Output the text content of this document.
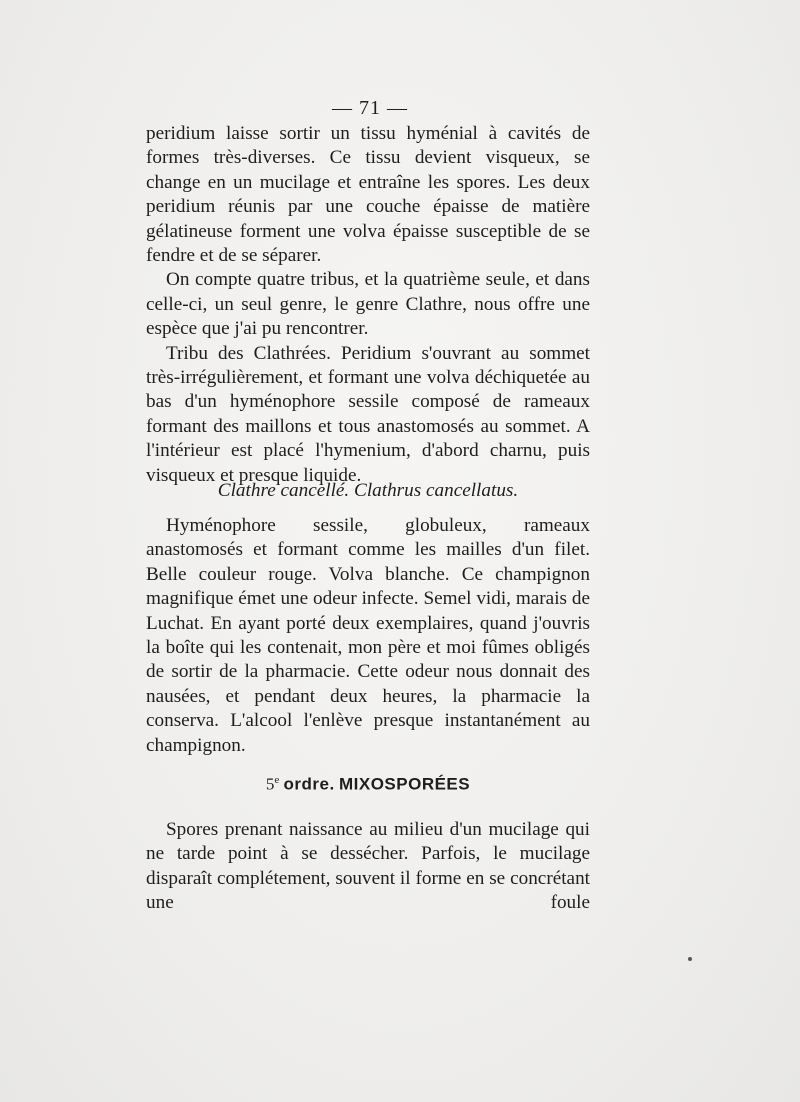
— 71 —

peridium laisse sortir un tissu hyménial à cavités de formes très-diverses. Ce tissu devient visqueux, se change en un mucilage et entraîne les spores. Les deux peridium réunis par une couche épaisse de matière gélatineuse forment une volva épaisse susceptible de se fendre et de se séparer.

On compte quatre tribus, et la quatrième seule, et dans celle-ci, un seul genre, le genre Clathre, nous offre une espèce que j'ai pu rencontrer.

Tribu des Clathrées. Peridium s'ouvrant au sommet très-irrégulièrement, et formant une volva déchiquetée au bas d'un hyménophore sessile composé de rameaux formant des maillons et tous anastomosés au sommet. A l'intérieur est placé l'hymenium, d'abord charnu, puis visqueux et presque liquide.

Clathre cancellé. Clathrus cancellatus.

Hyménophore sessile, globuleux, rameaux anastomosés et formant comme les mailles d'un filet. Belle couleur rouge. Volva blanche. Ce champignon magnifique émet une odeur infecte. Semel vidi, marais de Luchat. En ayant porté deux exemplaires, quand j'ouvris la boîte qui les contenait, mon père et moi fûmes obligés de sortir de la pharmacie. Cette odeur nous donnait des nausées, et pendant deux heures, la pharmacie la conserva. L'alcool l'enlève presque instantanément au champignon.

5e ordre. MIXOSPORÉES

Spores prenant naissance au milieu d'un mucilage qui ne tarde point à se dessécher. Parfois, le mucilage disparaît complétement, souvent il forme en se concrétant une foule
